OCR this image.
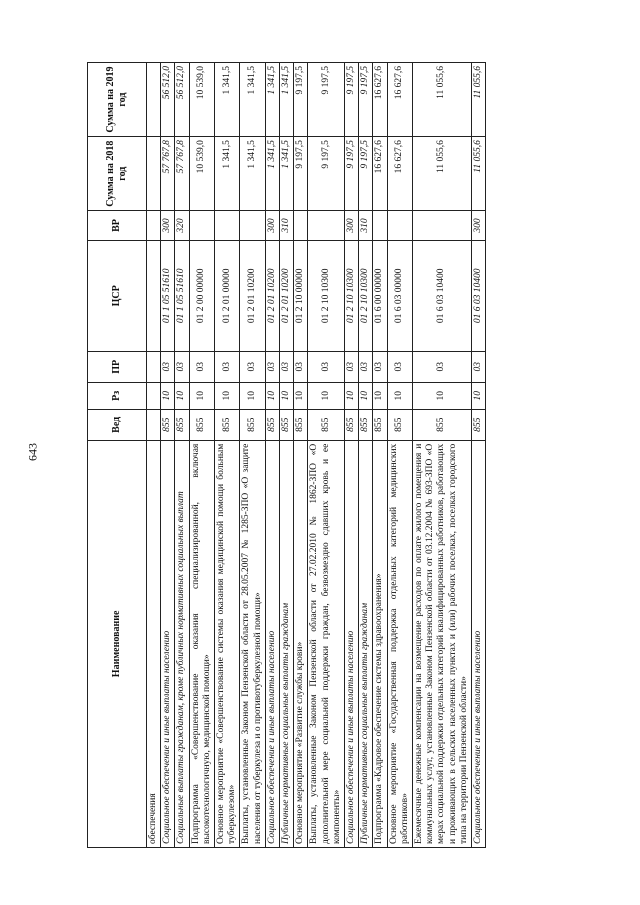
643
Наименование	Вед	Рз	ПР	ЦСР	ВР	Сумма на 2018 год	Сумма на 2019 год
обеспечения							
Социальное обеспечение и иные выплаты населению	855	10	03	01 1 05 51610	300	57 767,8	56 512,0
Социальные выплаты гражданам, кроме публичных нормативных социальных выплат	855	10	03	01 1 05 51610	320	57 767,8	56 512,0
Подпрограмма «Совершенствование оказания специализированной, включая высокотехнологичную, медицинской помощи»	855	10	03	01 2 00 00000		10 539,0	10 539,0
Основное мероприятие «Совершенствование системы оказания медицинской помощи больным туберкулезом»	855	10	03	01 2 01 00000		1 341,5	1 341,5
Выплаты, установленные Законом Пензенской области от 28.05.2007 № 1285-ЗПО «О защите населения от туберкулеза и о противотуберкулезной помощи»	855	10	03	01 2 01 10200		1 341,5	1 341,5
Социальное обеспечение и иные выплаты населению	855	10	03	01 2 01 10200	300	1 341,5	1 341,5
Публичные нормативные социальные выплаты гражданам	855	10	03	01 2 01 10200	310	1 341,5	1 341,5
Основное мероприятие «Развитие службы крови»	855	10	03	01 2 10 00000		9 197,5	9 197,5
Выплаты, установленные Законом Пензенской области от 27.02.2010 № 1862-ЗПО «О дополнительной мере социальной поддержки граждан, безвозмездно сдавших кровь и ее компоненты»	855	10	03	01 2 10 10300		9 197,5	9 197,5
Социальное обеспечение и иные выплаты населению	855	10	03	01 2 10 10300	300	9 197,5	9 197,5
Публичные нормативные социальные выплаты гражданам	855	10	03	01 2 10 10300	310	9 197,5	9 197,5
Подпрограмма «Кадровое обеспечение системы здравоохранения»	855	10	03	01 6 00 00000		16 627,6	16 627,6
Основное мероприятие «Государственная поддержка отдельных категорий медицинских работников»	855	10	03	01 6 03 00000		16 627,6	16 627,6
Ежемесячные денежные компенсации на возмещение расходов по оплате жилого помещения и коммунальных услуг, установленные Законом Пензенской области от 03.12.2004 № 693-ЗПО «О мерах социальной поддержки отдельных категорий квалифицированных работников, работающих и проживающих в сельских населенных пунктах и (или) рабочих поселках, поселках городского типа на территории Пензенской области»	855	10	03	01 6 03 10400		11 055,6	11 055,6
Социальное обеспечение и иные выплаты населению	855	10	03	01 6 03 10400	300	11 055,6	11 055,6
